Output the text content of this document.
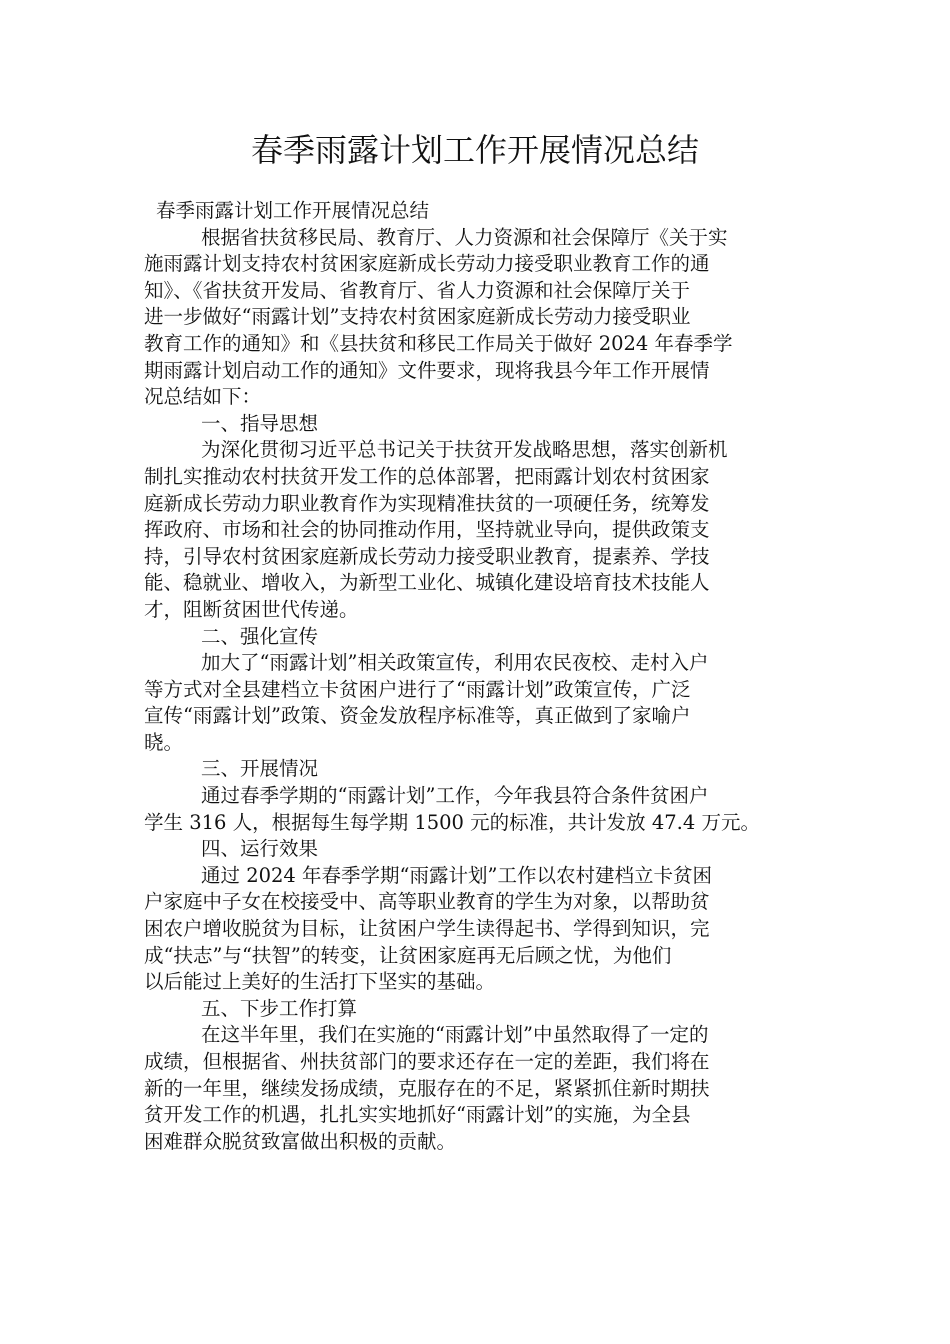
春季雨露计划工作开展情况总结

春季雨露计划工作开展情况总结

根据省扶贫移民局、教育厅、人力资源和社会保障厅《关于实

施雨露计划支持农村贫困家庭新成长劳动力接受职业教育工作的通

知》、《省扶贫开发局、省教育厅、省人力资源和社会保障厅关于

进一步做好“雨露计划”支持农村贫困家庭新成长劳动力接受职业

教育工作的通知》和《县扶贫和移民工作局关于做好 2024 年春季学

期雨露计划启动工作的通知》文件要求，现将我县今年工作开展情

况总结如下：

一、指导思想

为深化贯彻习近平总书记关于扶贫开发战略思想，落实创新机

制扎实推动农村扶贫开发工作的总体部署，把雨露计划农村贫困家

庭新成长劳动力职业教育作为实现精准扶贫的一项硬任务，统筹发

挥政府、市场和社会的协同推动作用，坚持就业导向，提供政策支

持，引导农村贫困家庭新成长劳动力接受职业教育，提素养、学技

能、稳就业、增收入，为新型工业化、城镇化建设培育技术技能人

才，阻断贫困世代传递。

二、强化宣传

加大了“雨露计划”相关政策宣传，利用农民夜校、走村入户

等方式对全县建档立卡贫困户进行了“雨露计划”政策宣传，广泛

宣传“雨露计划”政策、资金发放程序标准等，真正做到了家喻户

晓。

三、开展情况

通过春季学期的“雨露计划”工作，今年我县符合条件贫困户

学生 316 人，根据每生每学期 1500 元的标准，共计发放 47.4 万元。

四、运行效果

通过 2024 年春季学期“雨露计划”工作以农村建档立卡贫困

户家庭中子女在校接受中、高等职业教育的学生为对象，以帮助贫

困农户增收脱贫为目标，让贫困户学生读得起书、学得到知识，完

成“扶志”与“扶智”的转变，让贫困家庭再无后顾之忧，为他们

以后能过上美好的生活打下坚实的基础。

五、下步工作打算

在这半年里，我们在实施的“雨露计划”中虽然取得了一定的

成绩，但根据省、州扶贫部门的要求还存在一定的差距，我们将在

新的一年里，继续发扬成绩，克服存在的不足，紧紧抓住新时期扶

贫开发工作的机遇，扎扎实实地抓好“雨露计划”的实施，为全县

困难群众脱贫致富做出积极的贡献。
